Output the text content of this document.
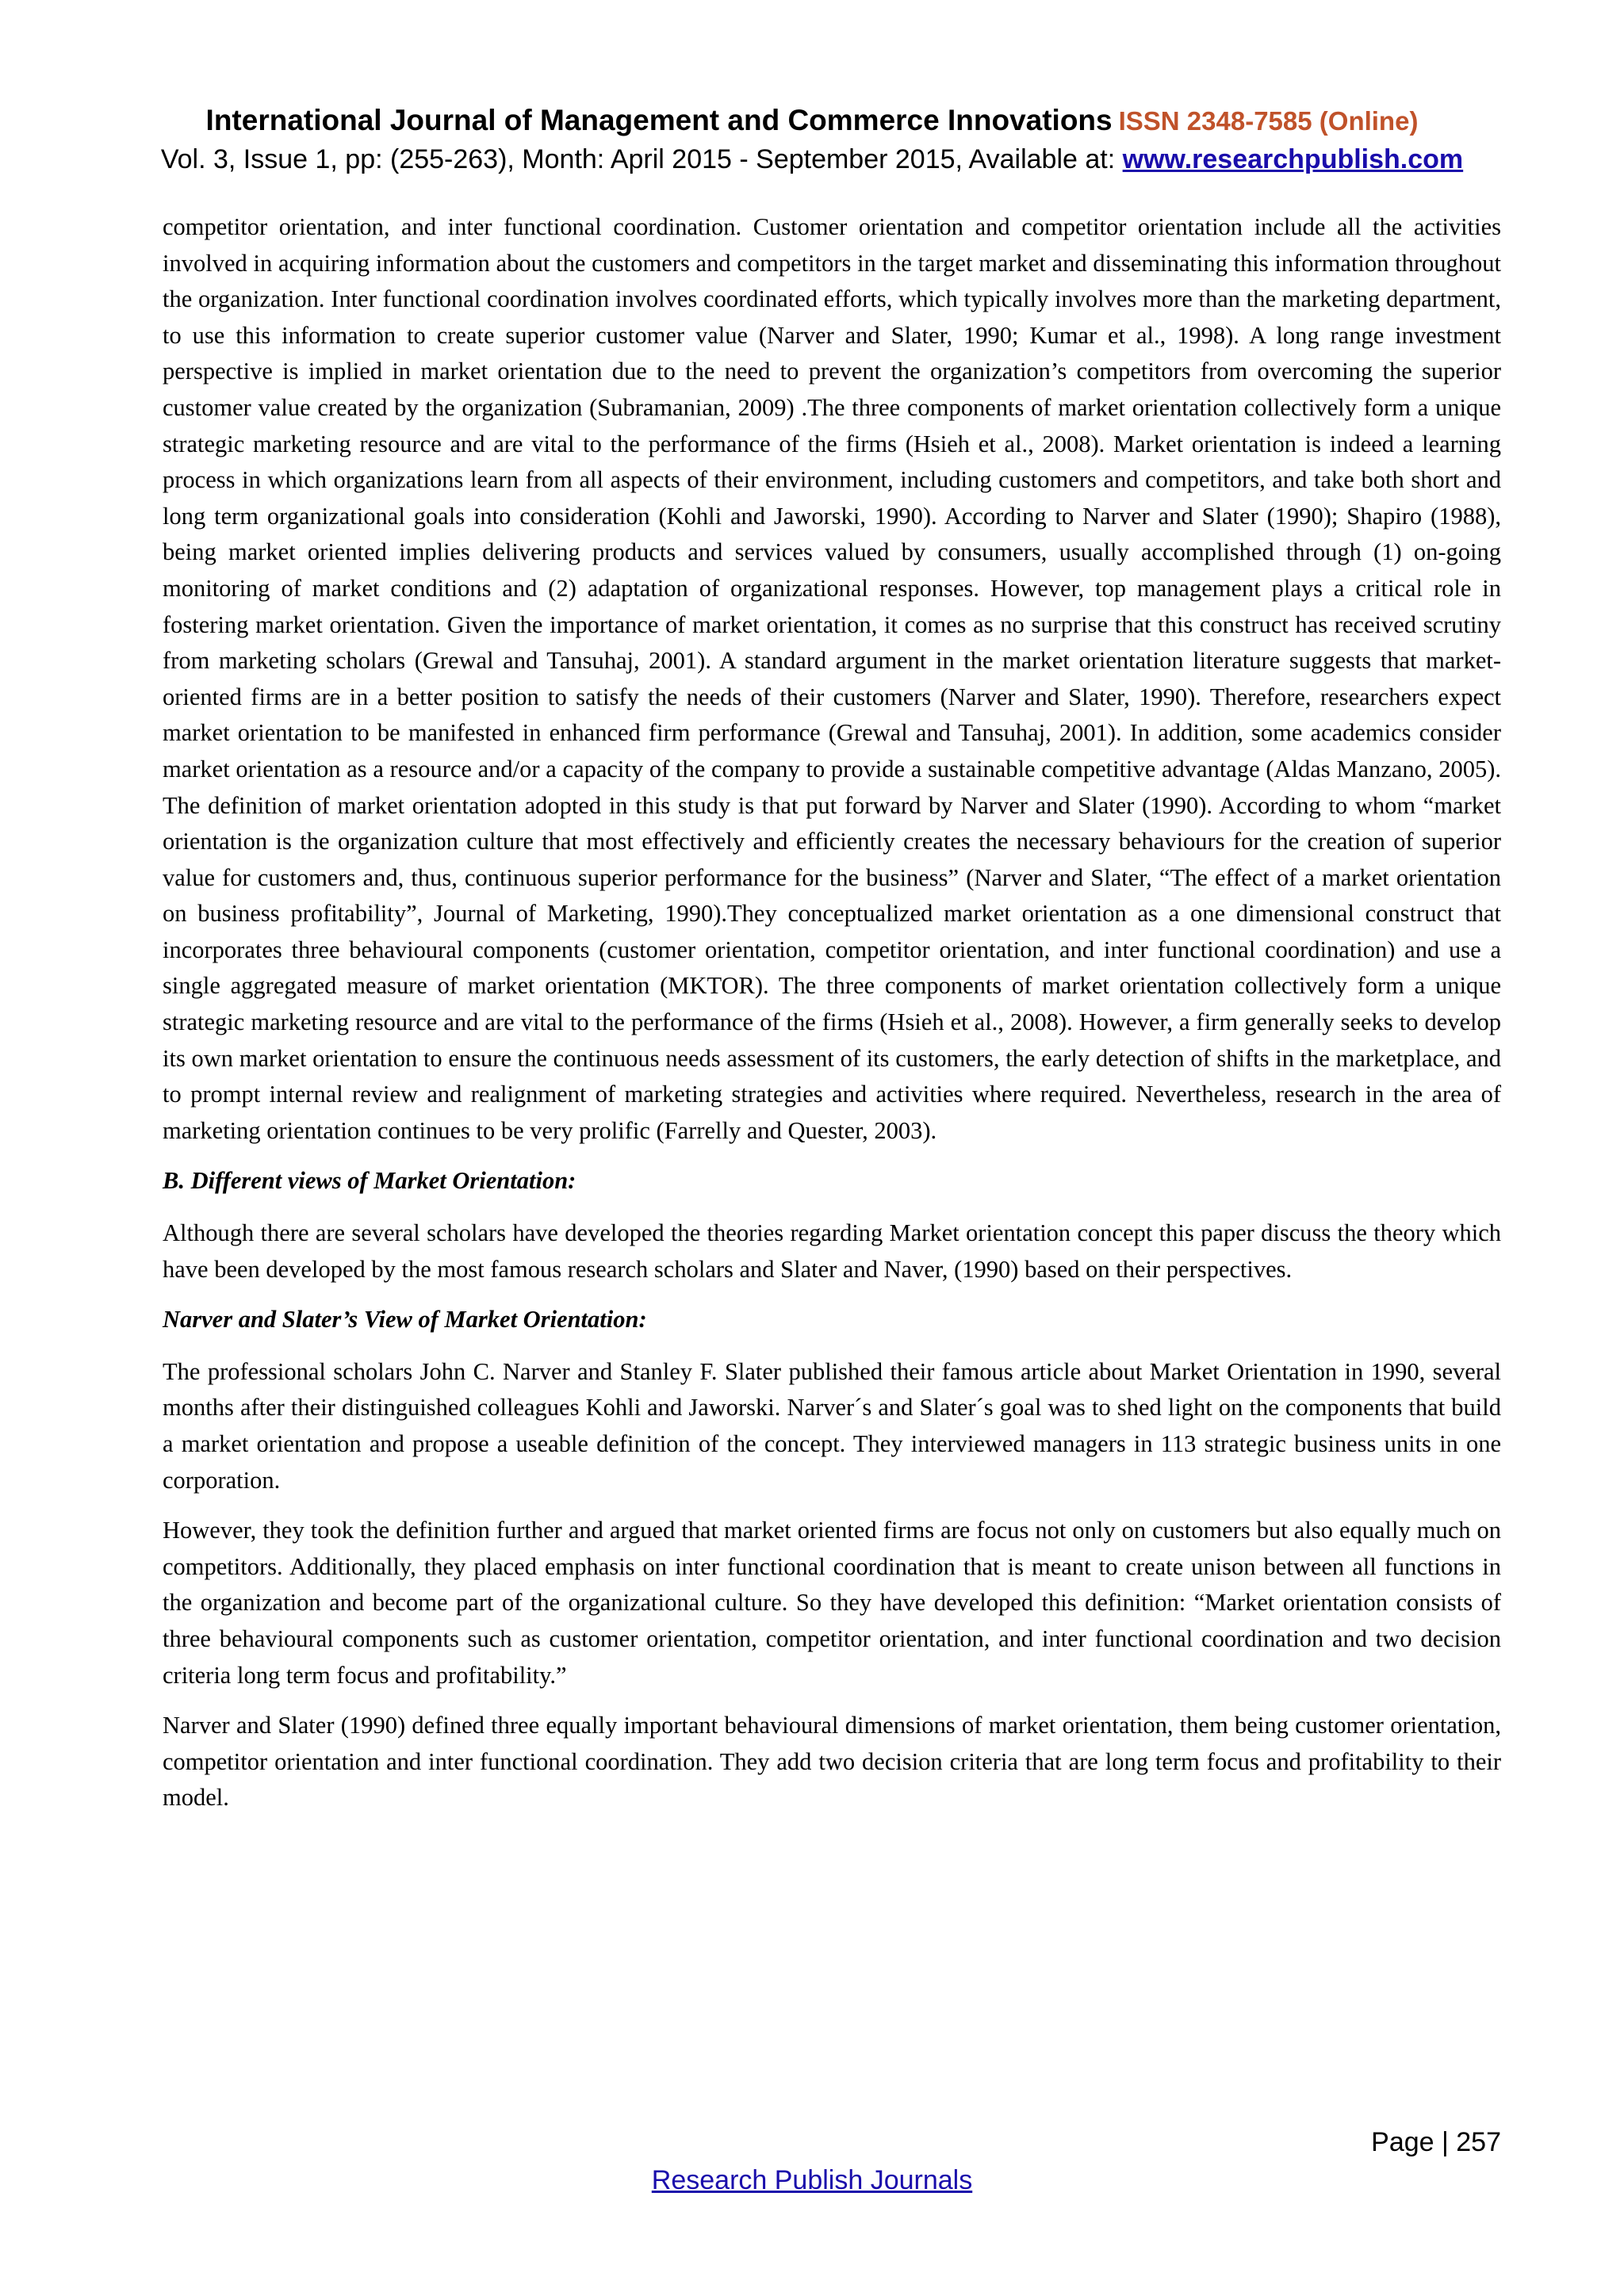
International Journal of Management and Commerce Innovations ISSN 2348-7585 (Online)
Vol. 3, Issue 1, pp: (255-263), Month: April 2015 - September 2015, Available at: www.researchpublish.com

competitor orientation, and inter functional coordination. Customer orientation and competitor orientation include all the activities involved in acquiring information about the customers and competitors in the target market and disseminating this information throughout the organization. Inter functional coordination involves coordinated efforts, which typically involves more than the marketing department, to use this information to create superior customer value (Narver and Slater, 1990; Kumar et al., 1998). A long range investment perspective is implied in market orientation due to the need to prevent the organization’s competitors from overcoming the superior customer value created by the organization (Subramanian, 2009) .The three components of market orientation collectively form a unique strategic marketing resource and are vital to the performance of the firms (Hsieh et al., 2008). Market orientation is indeed a learning process in which organizations learn from all aspects of their environment, including customers and competitors, and take both short and long term organizational goals into consideration (Kohli and Jaworski, 1990). According to Narver and Slater (1990); Shapiro (1988), being market oriented implies delivering products and services valued by consumers, usually accomplished through (1) on-going monitoring of market conditions and (2) adaptation of organizational responses. However, top management plays a critical role in fostering market orientation. Given the importance of market orientation, it comes as no surprise that this construct has received scrutiny from marketing scholars (Grewal and Tansuhaj, 2001). A standard argument in the market orientation literature suggests that market-oriented firms are in a better position to satisfy the needs of their customers (Narver and Slater, 1990). Therefore, researchers expect market orientation to be manifested in enhanced firm performance (Grewal and Tansuhaj, 2001). In addition, some academics consider market orientation as a resource and/or a capacity of the company to provide a sustainable competitive advantage (Aldas Manzano, 2005). The definition of market orientation adopted in this study is that put forward by Narver and Slater (1990). According to whom “market orientation is the organization culture that most effectively and efficiently creates the necessary behaviours for the creation of superior value for customers and, thus, continuous superior performance for the business” (Narver and Slater, “The effect of a market orientation on business profitability”, Journal of Marketing, 1990).They conceptualized market orientation as a one dimensional construct that incorporates three behavioural components (customer orientation, competitor orientation, and inter functional coordination) and use a single aggregated measure of market orientation (MKTOR). The three components of market orientation collectively form a unique strategic marketing resource and are vital to the performance of the firms (Hsieh et al., 2008). However, a firm generally seeks to develop its own market orientation to ensure the continuous needs assessment of its customers, the early detection of shifts in the marketplace, and to prompt internal review and realignment of marketing strategies and activities where required. Nevertheless, research in the area of marketing orientation continues to be very prolific (Farrelly and Quester, 2003).

B. Different views of Market Orientation:

Although there are several scholars have developed the theories regarding Market orientation concept this paper discuss the theory which have been developed by the most famous research scholars and Slater and Naver, (1990) based on their perspectives.

Narver and Slater’s View of Market Orientation:

The professional scholars John C. Narver and Stanley F. Slater published their famous article about Market Orientation in 1990, several months after their distinguished colleagues Kohli and Jaworski. Narver´s and Slater´s goal was to shed light on the components that build a market orientation and propose a useable definition of the concept. They interviewed managers in 113 strategic business units in one corporation.

However, they took the definition further and argued that market oriented firms are focus not only on customers but also equally much on competitors. Additionally, they placed emphasis on inter functional coordination that is meant to create unison between all functions in the organization and become part of the organizational culture. So they have developed this definition: “Market orientation consists of three behavioural components such as customer orientation, competitor orientation, and inter functional coordination and two decision criteria long term focus and profitability.”

Narver and Slater (1990) defined three equally important behavioural dimensions of market orientation, them being customer orientation, competitor orientation and inter functional coordination. They add two decision criteria that are long term focus and profitability to their model.

Page | 257
Research Publish Journals
